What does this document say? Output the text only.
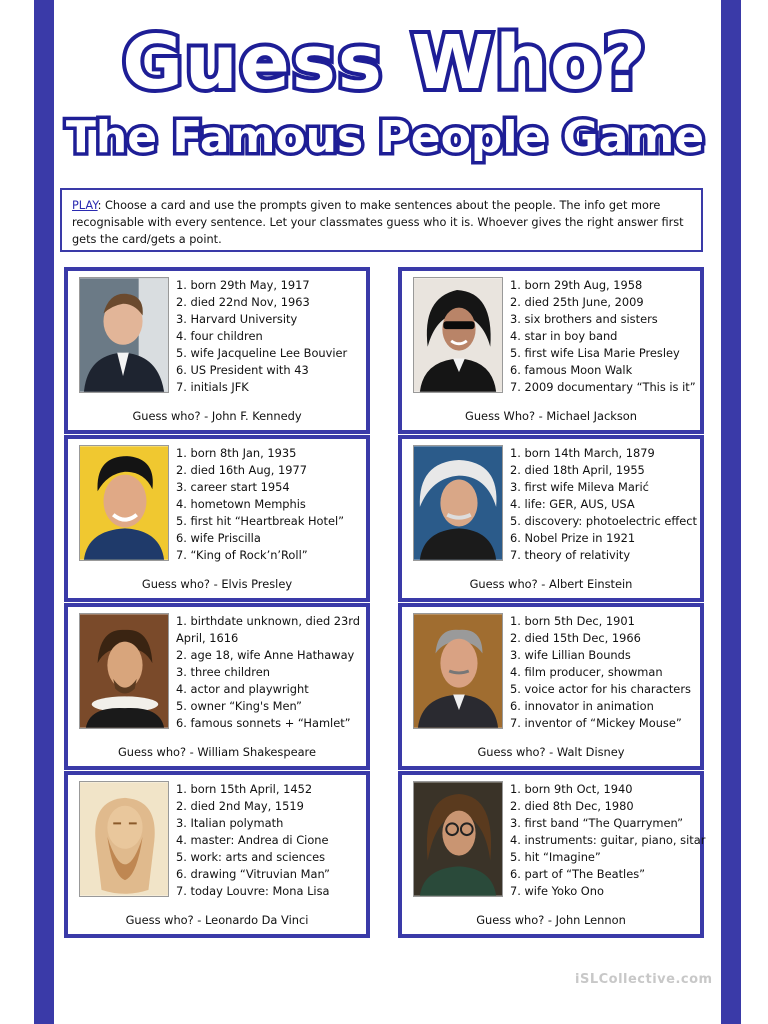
Guess Who?
The Famous People Game
PLAY: Choose a card and use the prompts given to make sentences about the people. The info get more recognisable with every sentence. Let your classmates guess who it is. Whoever gives the right answer first gets the card/gets a point.
1. born 29th May, 1917
2. died 22nd Nov, 1963
3. Harvard University
4. four children
5. wife Jacqueline Lee Bouvier
6. US President with 43
7. initials JFK
Guess who? - John F. Kennedy
1. born 29th Aug, 1958
2. died 25th June, 2009
3. six brothers and sisters
4. star in boy band
5. first wife Lisa Marie Presley
6. famous Moon Walk
7. 2009 documentary “This is it”
Guess Who? - Michael Jackson
1. born 8th Jan, 1935
2. died 16th Aug, 1977
3. career start 1954
4. hometown Memphis
5. first hit “Heartbreak Hotel”
6. wife Priscilla
7. “King of Rock’n’Roll”
Guess who? - Elvis Presley
1. born 14th March, 1879
2. died 18th April, 1955
3. first wife Mileva Marić
4. life: GER, AUS, USA
5. discovery: photoelectric effect
6. Nobel Prize in 1921
7. theory of relativity
Guess who? - Albert Einstein
1. birthdate unknown, died 23rd
April, 1616
2. age 18, wife Anne Hathaway
3. three children
4. actor and playwright
5. owner “King's Men”
6. famous sonnets + “Hamlet”
Guess who? - William Shakespeare
1. born 5th Dec, 1901
2. died 15th Dec, 1966
3. wife Lillian Bounds
4. film producer, showman
5. voice actor for his characters
6. innovator in animation
7. inventor of “Mickey Mouse”
Guess who? - Walt Disney
1. born 15th April, 1452
2. died 2nd May, 1519
3. Italian polymath
4. master: Andrea di Cione
5. work: arts and sciences
6. drawing “Vitruvian Man”
7. today Louvre: Mona Lisa
Guess who? - Leonardo Da Vinci
1. born 9th Oct, 1940
2. died 8th Dec, 1980
3. first band “The Quarrymen”
4. instruments: guitar, piano, sitar
5. hit “Imagine”
6. part of “The Beatles”
7. wife Yoko Ono
Guess who? - John Lennon
iSLCollective.com
